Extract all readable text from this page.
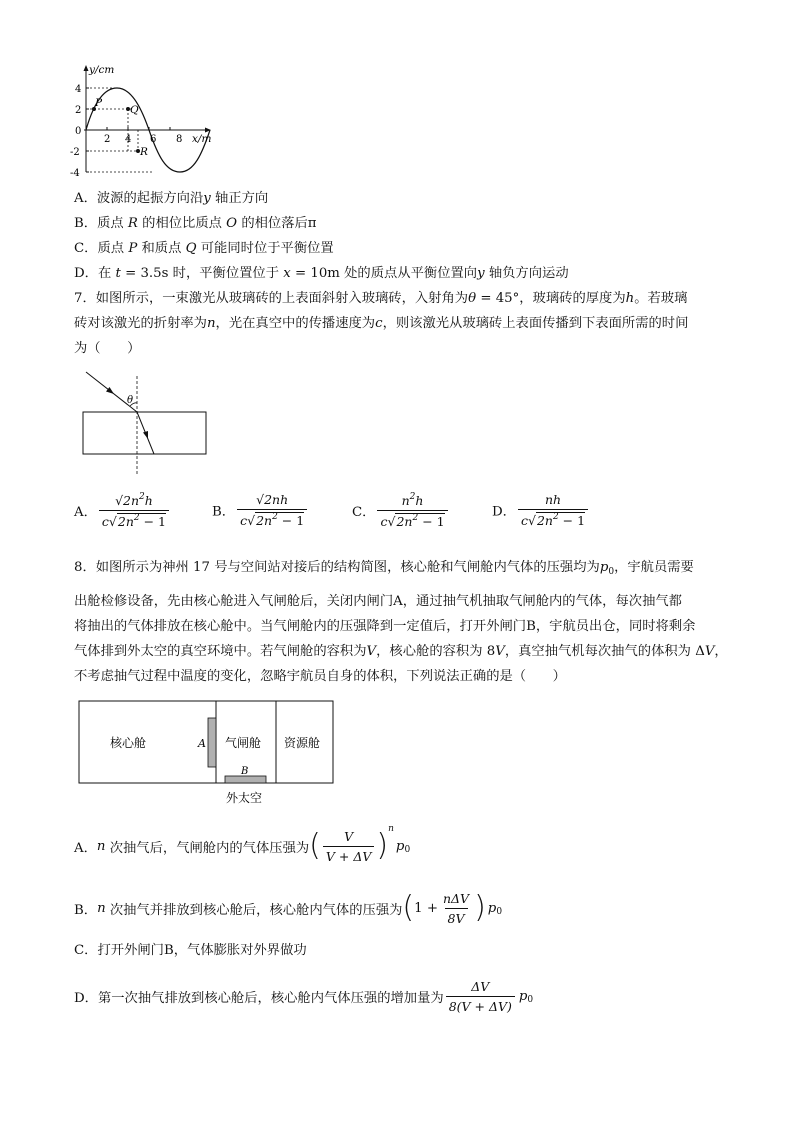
y/cm
x/m
4
2
0
-2
-4
2 4 6 8
P
Q
R
A．波源的起振方向沿y 轴正方向
B．质点 R 的相位比质点 O 的相位落后π
C．质点 P 和质点 Q 可能同时位于平衡位置
D．在 t = 3.5s 时，平衡位置位于 x = 10m 处的质点从平衡位置向y 轴负方向运动
7．如图所示，一束激光从玻璃砖的上表面斜射入玻璃砖，入射角为θ = 45°，玻璃砖的厚度为h。若玻璃
砖对该激光的折射率为n，光在真空中的传播速度为c，则该激光从玻璃砖上表面传播到下表面所需的时间
为（　　）
θ
A． $\frac{√2n^2h}{c√2n^2 - 1}$	B． $\frac{√2nh}{c√2n^2 - 1}$	C． $\frac{n^2h}{c√2n^2 - 1}$	D． $\frac{nh}{c√2n^2 - 1}$
8．如图所示为神州 17 号与空间站对接后的结构简图，核心舱和气闸舱内气体的压强均为$p_0$，宇航员需要
出舱检修设备，先由核心舱进入气闸舱后，关闭内闸门A，通过抽气机抽取气闸舱内的气体，每次抽气都
将抽出的气体排放在核心舱中。当气闸舱内的压强降到一定值后，打开外闸门B，宇航员出仓，同时将剩余
气体排到外太空的真空环境中。若气闸舱的容积为V，核心舱的容积为 8V，真空抽气机每次抽气的体积为 ΔV，
不考虑抽气过程中温度的变化，忽略宇航员自身的体积，下列说法正确的是（　　）
核心舱	A 气闸舱 资源舱
B
外太空
A． n
次抽气后，气闸舱内的气体压强为 ( $\frac{V}{V + \Delta V}$ ) n
p 0
B． n
次抽气并排放到核心舱后，核心舱内气体的压强为 ( $1 + \frac{\text{nΔV}}{8V}$ ) p 0
C．打开外闸门B，气体膨胀对外界做功
D．第一次抽气排放到核心舱后，核心舱内气体压强的增加量为 $\frac{\Delta V}{8(V + \Delta V)}$ p 0
